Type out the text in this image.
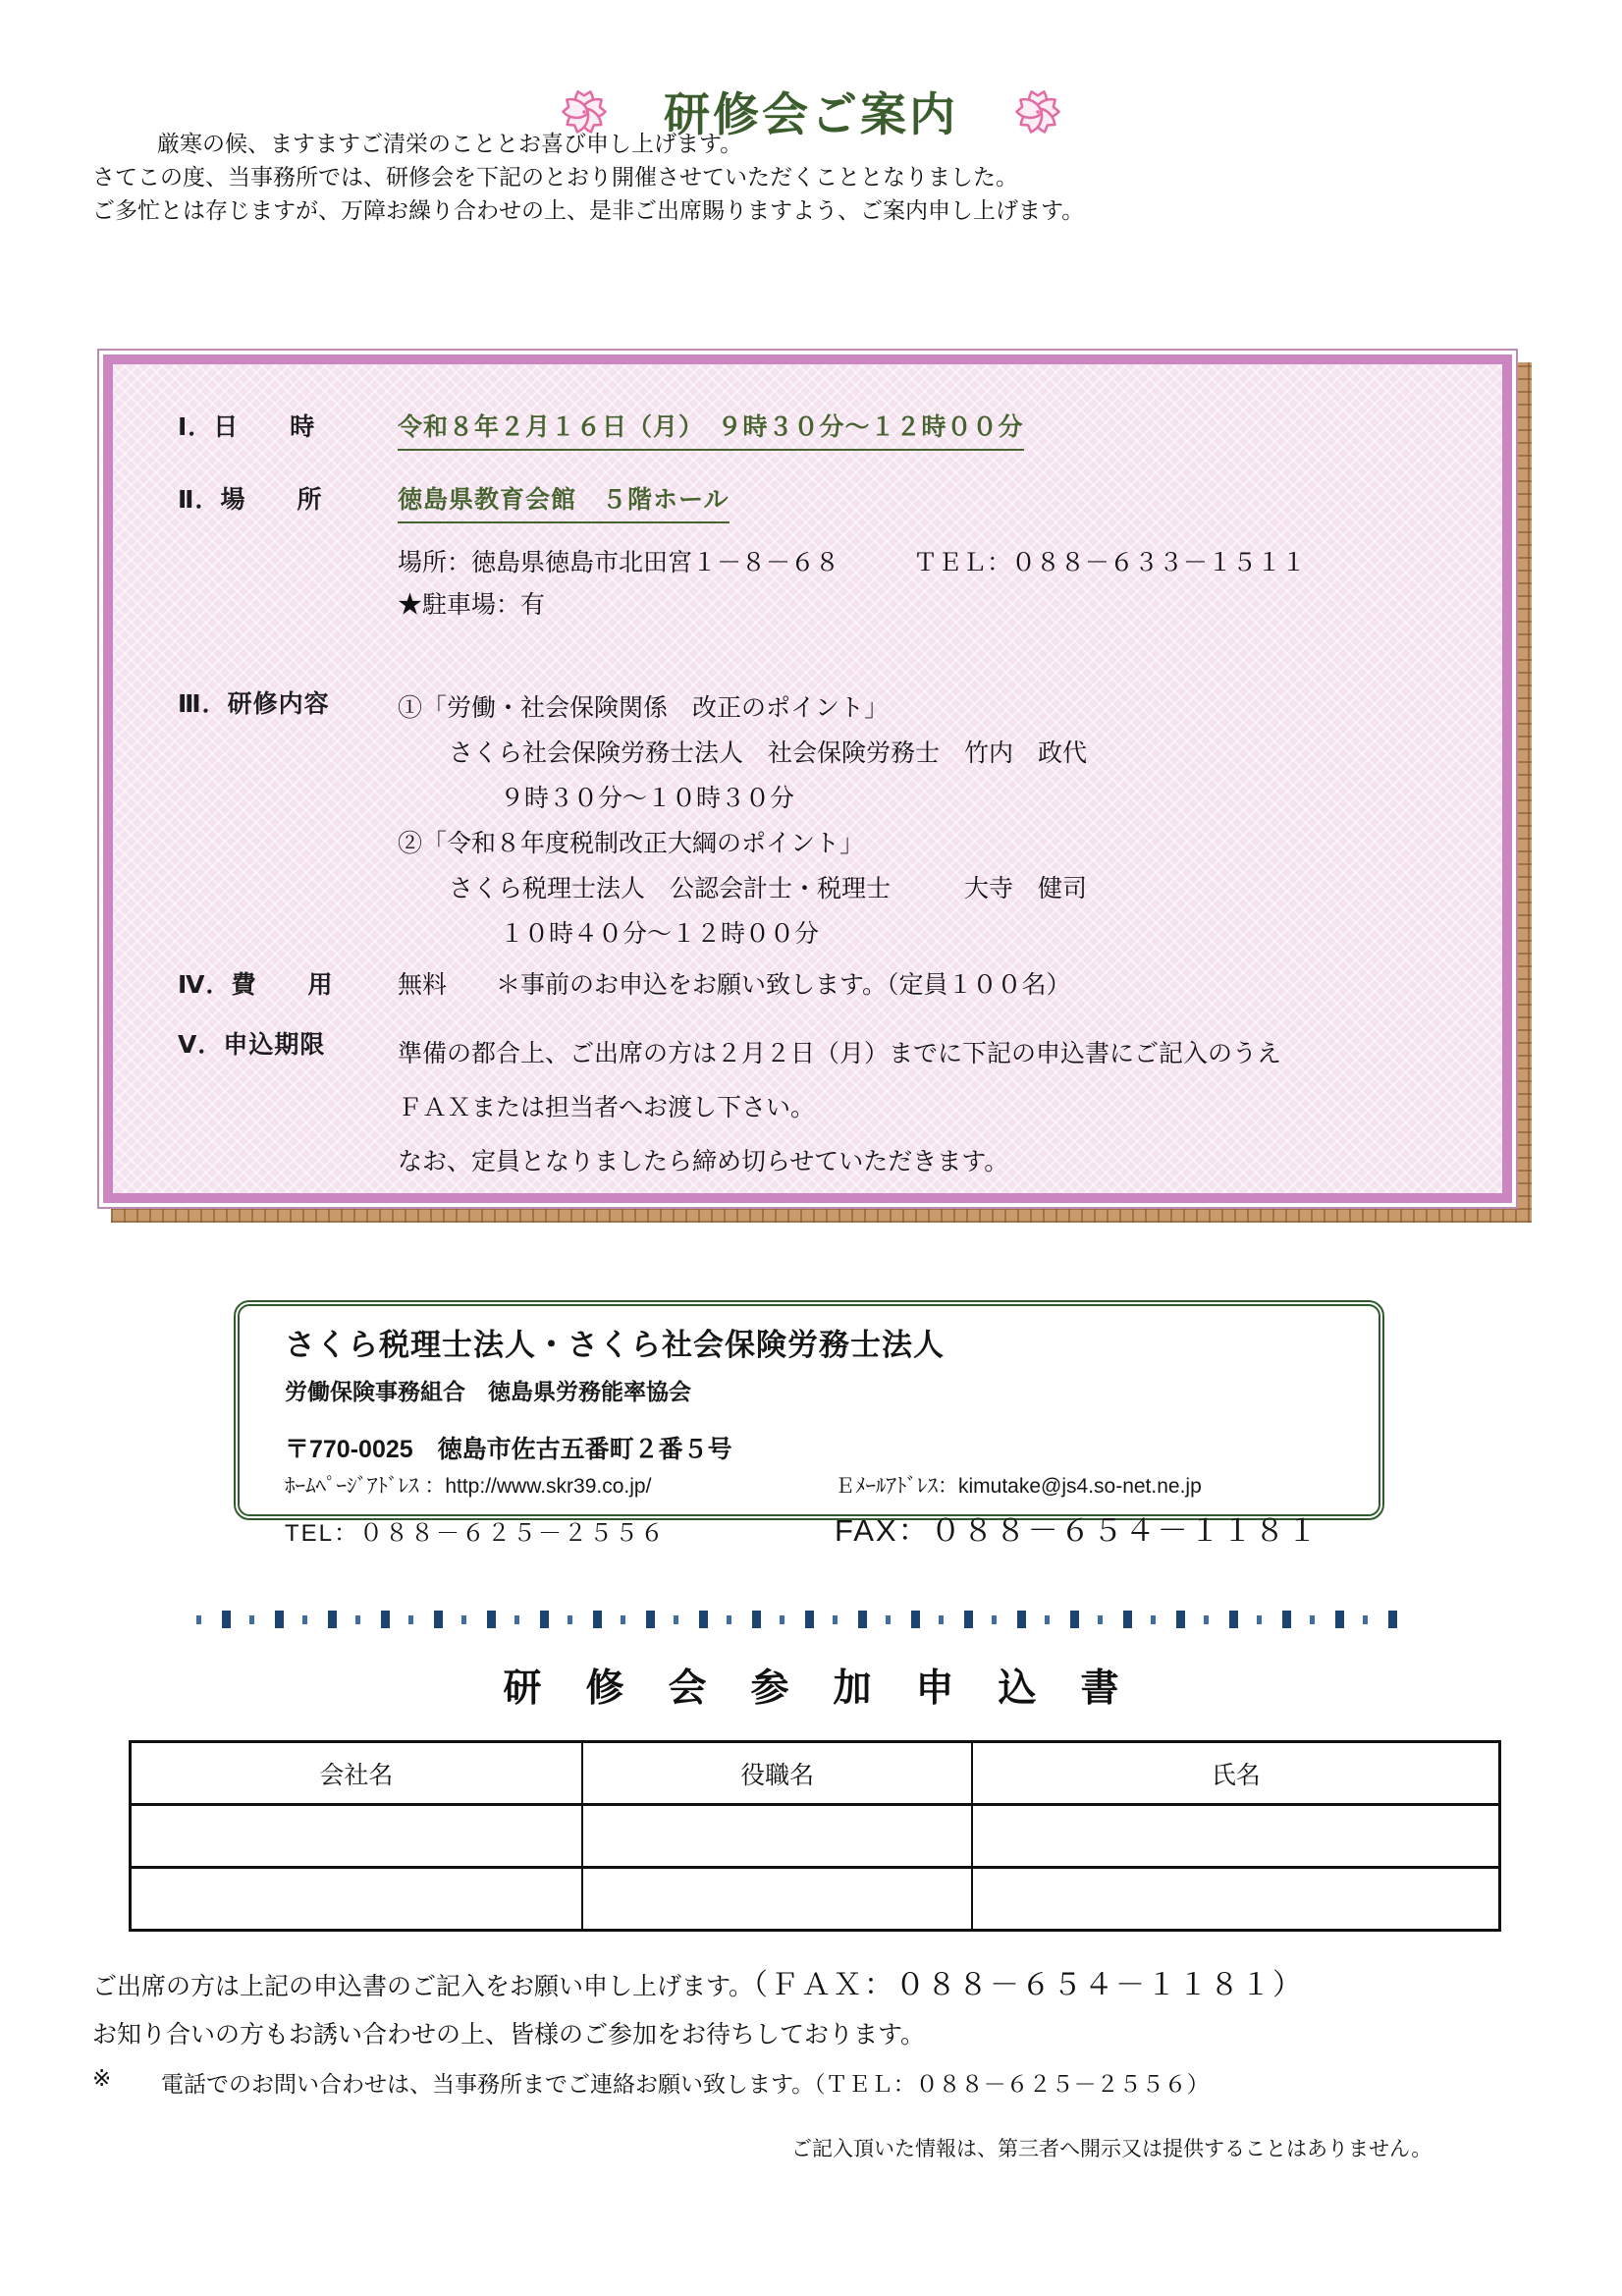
研修会ご案内

厳寒の候、ますますご清栄のこととお喜び申し上げます。

さてこの度、当事務所では、研修会を下記のとおり開催させていただくこととなりました。

ご多忙とは存じますが、万障お繰り合わせの上、是非ご出席賜りますよう、ご案内申し上げます。

Ⅰ．日　　時	令和８年２月１６日（月）　９時３０分～１２時００分
Ⅱ．場　　所	徳島県教育会館　５階ホール
場所：徳島県徳島市北田宮１－８－６８　　　ＴＥＬ：０８８－６３３－１５１１
★駐車場：有
Ⅲ．研修内容	①「労働・社会保険関係　改正のポイント」
さくら社会保険労務士法人　社会保険労務士　竹内　政代
９時３０分～１０時３０分
②「令和８年度税制改正大綱のポイント」
さくら税理士法人　公認会計士・税理士　　　大寺　健司
１０時４０分～１２時００分
Ⅳ．費　　用	無料　　＊事前のお申込をお願い致します。（定員１００名）
Ⅴ．申込期限	準備の都合上、ご出席の方は２月２日（月）までに下記の申込書にご記入のうえ
ＦＡＸまたは担当者へお渡し下さい。
なお、定員となりましたら締め切らせていただきます。
さくら税理士法人・さくら社会保険労務士法人
労働保険事務組合　徳島県労務能率協会
〒770-0025　徳島市佐古五番町２番５号
ﾎｰﾑﾍﾟｰｼﾞｱﾄﾞﾚｽ ：http://www.skr39.co.jp/	Ｅﾒｰﾙｱﾄﾞﾚｽ：kimutake@js4.so-net.ne.jp
TEL：０８８－６２５－２５５６	FAX：０８８－６５４－１１８１
研修会参加申込書
会社名	役職名	氏名

ご出席の方は上記の申込書のご記入をお願い申し上げます。（ＦＡＸ：０８８－６５４－１１８１）

お知り合いの方もお誘い合わせの上、皆様のご参加をお待ちしております。

※	電話でのお問い合わせは、当事務所までご連絡お願い致します。（ＴＥＬ：０８８－６２５－２５５６）

ご記入頂いた情報は、第三者へ開示又は提供することはありません。
